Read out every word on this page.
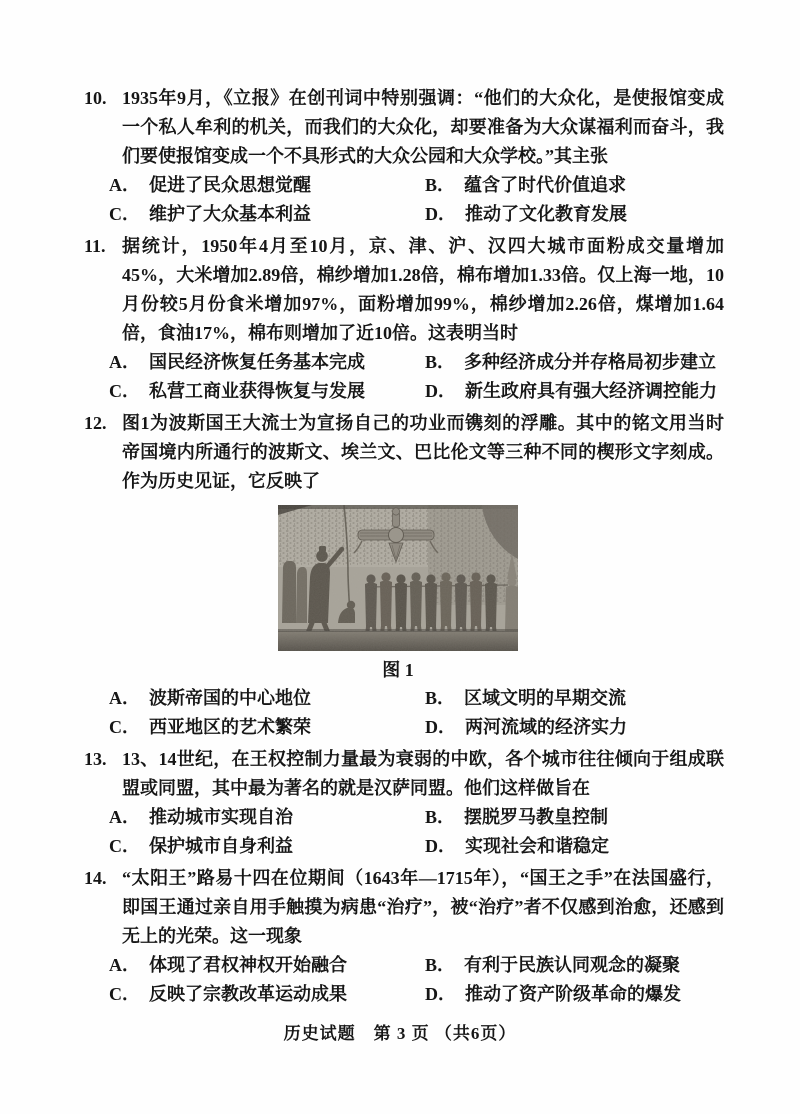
10. 1935年9月，《立报》在创刊词中特别强调：“他们的大众化，是使报馆变成一个私人牟利的机关，而我们的大众化，却要准备为大众谋福利而奋斗，我们要使报馆变成一个不具形式的大众公园和大众学校。”其主张

A． 促进了民众思想觉醒	B． 蕴含了时代价值追求
C． 维护了大众基本利益	D． 推动了文化教育发展
11. 据统计，1950年4月至10月，京、津、沪、汉四大城市面粉成交量增加45%，大米增加2.89倍，棉纱增加1.28倍，棉布增加1.33倍。仅上海一地，10月份较5月份食米增加97%，面粉增加99%，棉纱增加2.26倍，煤增加1.64倍，食油17%，棉布则增加了近10倍。这表明当时

A． 国民经济恢复任务基本完成	B． 多种经济成分并存格局初步建立
C． 私营工商业获得恢复与发展	D． 新生政府具有强大经济调控能力
12. 图1为波斯国王大流士为宣扬自己的功业而镌刻的浮雕。其中的铭文用当时帝国境内所通行的波斯文、埃兰文、巴比伦文等三种不同的楔形文字刻成。作为历史见证，它反映了

图 1
A． 波斯帝国的中心地位	B． 区域文明的早期交流
C． 西亚地区的艺术繁荣	D． 两河流域的经济实力
13. 13、14世纪，在王权控制力量最为衰弱的中欧，各个城市往往倾向于组成联盟或同盟，其中最为著名的就是汉萨同盟。他们这样做旨在

A． 推动城市实现自治	B． 摆脱罗马教皇控制
C． 保护城市自身利益	D． 实现社会和谐稳定
14. “太阳王”路易十四在位期间（1643年—1715年），“国王之手”在法国盛行，即国王通过亲自用手触摸为病患“治疗”，被“治疗”者不仅感到治愈，还感到无上的光荣。这一现象

A． 体现了君权神权开始融合	B． 有利于民族认同观念的凝聚
C． 反映了宗教改革运动成果	D． 推动了资产阶级革命的爆发
历史试题　第 3 页 （共6页）
